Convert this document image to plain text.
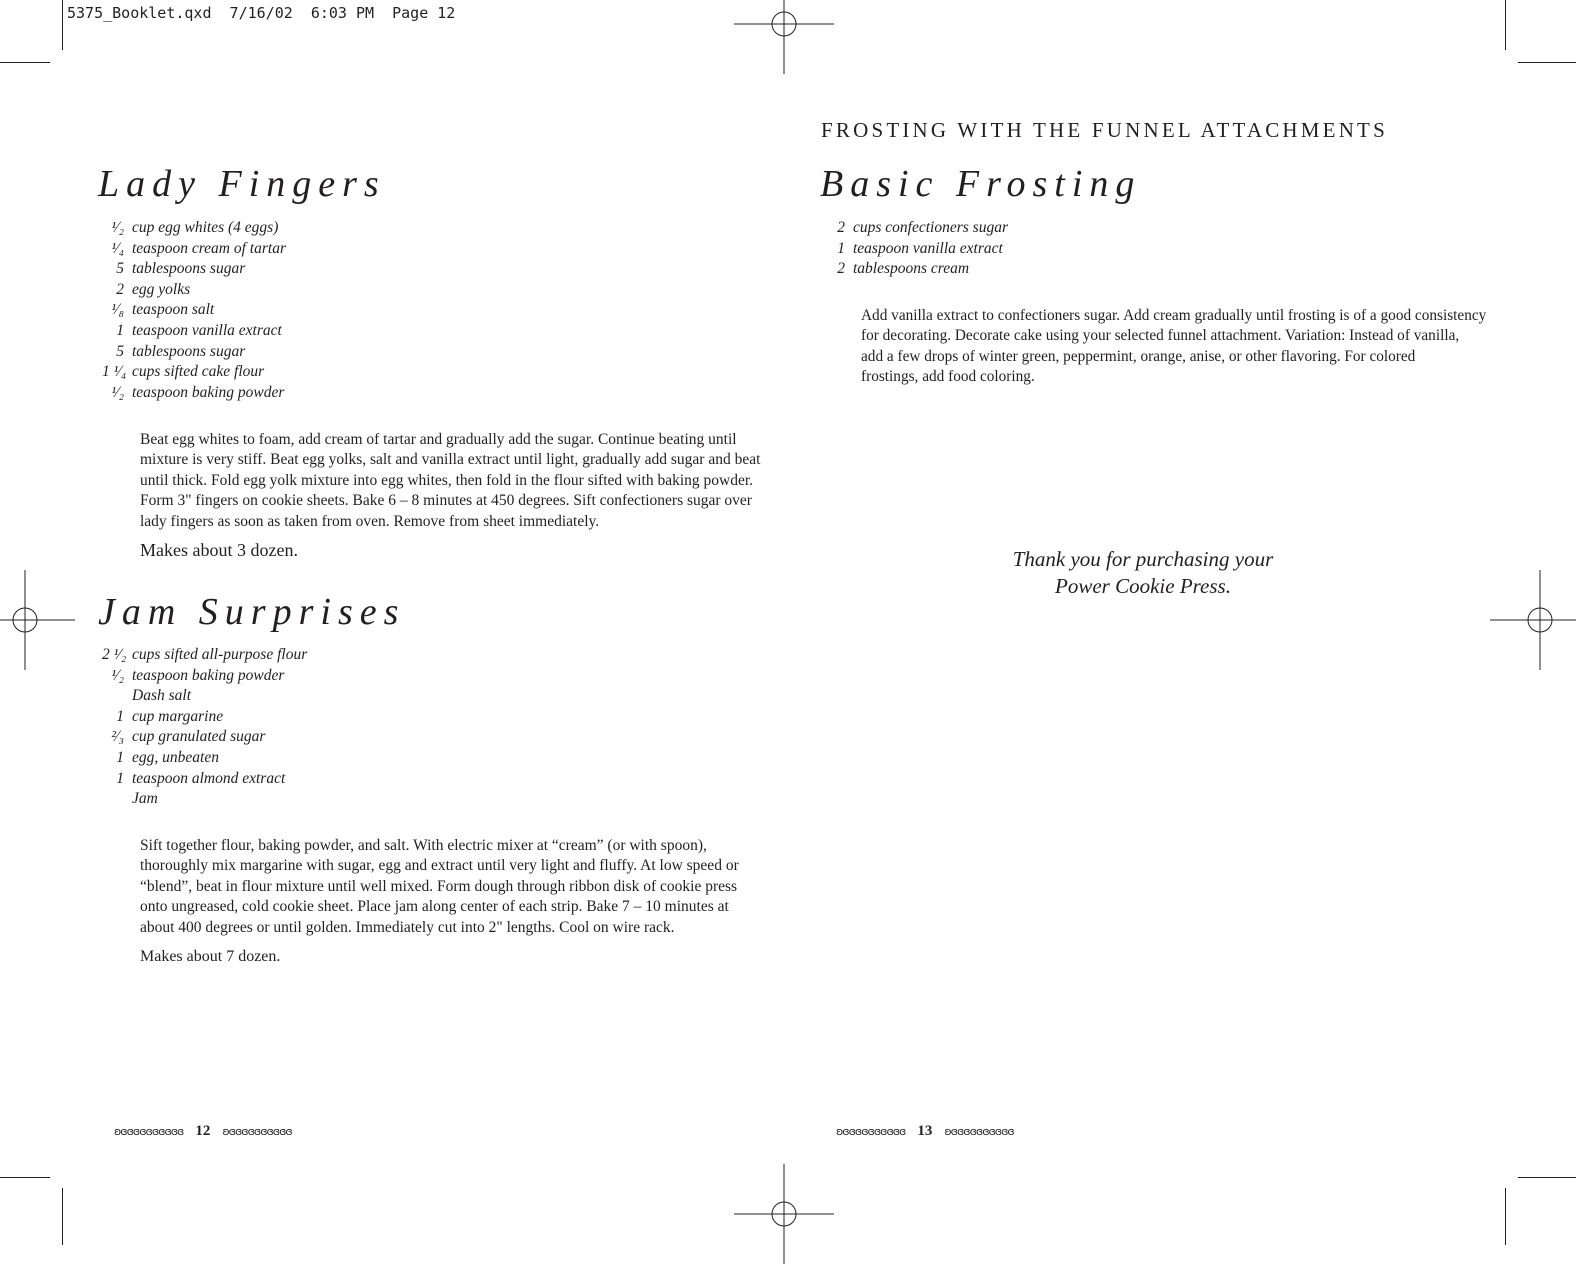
5375_Booklet.qxd  7/16/02  6:03 PM  Page 12
Lady Fingers
¹⁄₂ cup egg whites (4 eggs)
¹⁄₄ teaspoon cream of tartar
5 tablespoons sugar
2 egg yolks
¹⁄₈ teaspoon salt
1 teaspoon vanilla extract
5 tablespoons sugar
1 ¹⁄₄ cups sifted cake flour
¹⁄₂ teaspoon baking powder
Beat egg whites to foam, add cream of tartar and gradually add the sugar. Continue beating until
mixture is very stiff. Beat egg yolks, salt and vanilla extract until light, gradually add sugar and beat
until thick. Fold egg yolk mixture into egg whites, then fold in the flour sifted with baking powder.
Form 3" fingers on cookie sheets. Bake 6 – 8 minutes at 450 degrees. Sift confectioners sugar over
lady fingers as soon as taken from oven. Remove from sheet immediately.

Makes about 3 dozen.

Jam Surprises
2 ¹⁄₂ cups sifted all-purpose flour
¹⁄₂ teaspoon baking powder
Dash salt
1 cup margarine
²⁄₃ cup granulated sugar
1 egg, unbeaten
1 teaspoon almond extract
Jam
Sift together flour, baking powder, and salt. With electric mixer at “cream” (or with spoon),
thoroughly mix margarine with sugar, egg and extract until very light and fluffy. At low speed or
“blend”, beat in flour mixture until well mixed. Form dough through ribbon disk of cookie press
onto ungreased, cold cookie sheet. Place jam along center of each strip. Bake 7 – 10 minutes at
about 400 degrees or until golden. Immediately cut into 2" lengths. Cool on wire rack.

Makes about 7 dozen.

ʚɞɞɞɞɞɞɞɞɞɞ 12 ʚɞɞɞɞɞɞɞɞɞɞ
FROSTING WITH THE FUNNEL ATTACHMENTS
Basic Frosting
2 cups confectioners sugar
1 teaspoon vanilla extract
2 tablespoons cream
Add vanilla extract to confectioners sugar. Add cream gradually until frosting is of a good consistency
for decorating. Decorate cake using your selected funnel attachment. Variation: Instead of vanilla,
add a few drops of winter green, peppermint, orange, anise, or other flavoring. For colored
frostings, add food coloring.
Thank you for purchasing your
Power Cookie Press.
ʚɞɞɞɞɞɞɞɞɞɞ 13 ʚɞɞɞɞɞɞɞɞɞɞ
